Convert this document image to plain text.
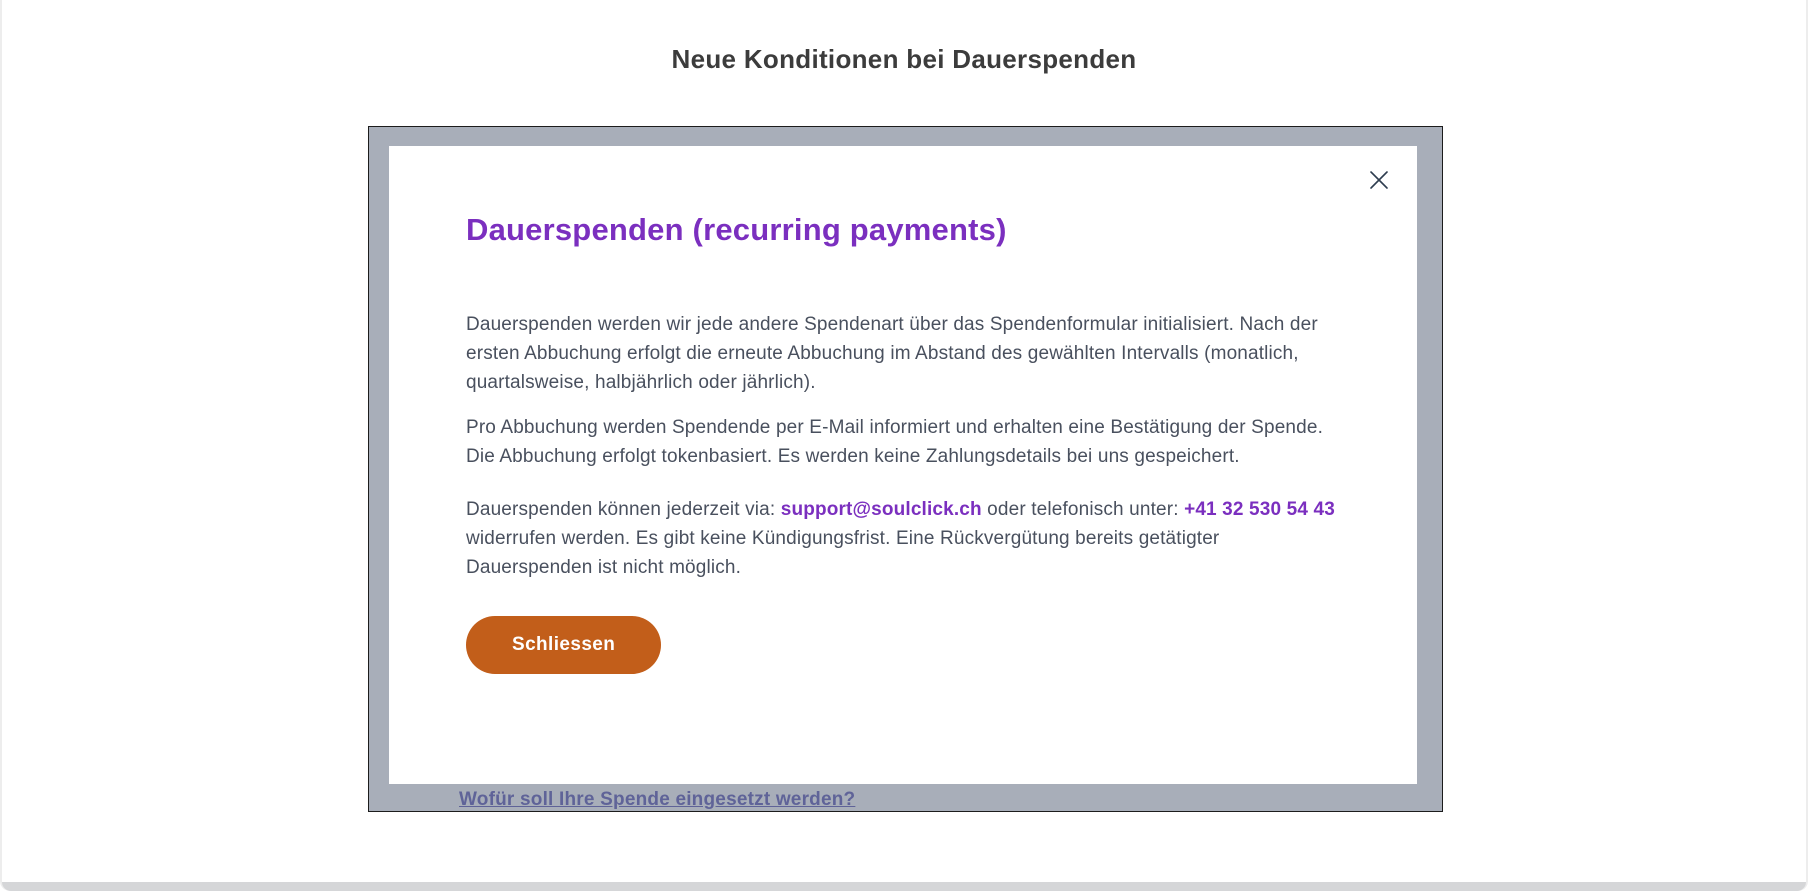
Neue Konditionen bei Dauerspenden
Wofür soll Ihre Spende eingesetzt werden?
Dauerspenden (recurring payments)

Dauerspenden werden wir jede andere Spendenart über das Spendenformular initialisiert. Nach der ersten Abbuchung erfolgt die erneute Abbuchung im Abstand des gewählten Intervalls (monatlich, quartalsweise, halbjährlich oder jährlich).

Pro Abbuchung werden Spendende per E-Mail informiert und erhalten eine Bestätigung der Spende. Die Abbuchung erfolgt tokenbasiert. Es werden keine Zahlungsdetails bei uns gespeichert.

Dauerspenden können jederzeit via: support@soulclick.ch oder telefonisch unter: +41 32 530 54 43 widerrufen werden. Es gibt keine Kündigungsfrist. Eine Rückvergütung bereits getätigter Dauerspenden ist nicht möglich.

Schliessen
